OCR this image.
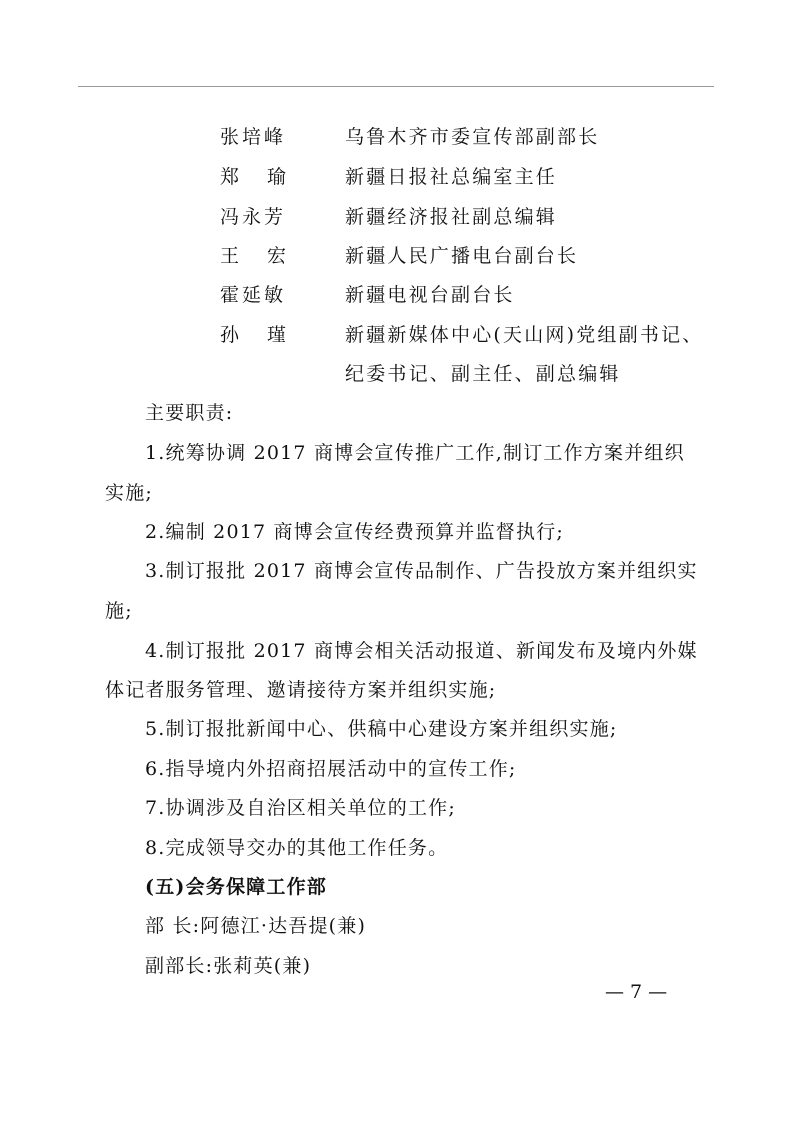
张培峰	乌鲁木齐市委宣传部副部长
郑瑜 新疆日报社总编室主任
冯永芳	新疆经济报社副总编辑
王宏 新疆人民广播电台副台长
霍延敏	新疆电视台副台长
孙瑾 新疆新媒体中心(天山网)党组副书记、
纪委书记、副主任、副总编辑
主要职责:
1.统筹协调 2017 商博会宣传推广工作,制订工作方案并组织
实施;
2.编制 2017 商博会宣传经费预算并监督执行;
3.制订报批 2017 商博会宣传品制作、广告投放方案并组织实
施;
4.制订报批 2017 商博会相关活动报道、新闻发布及境内外媒
体记者服务管理、邀请接待方案并组织实施;
5.制订报批新闻中心、供稿中心建设方案并组织实施;
6.指导境内外招商招展活动中的宣传工作;
7.协调涉及自治区相关单位的工作;
8.完成领导交办的其他工作任务。
(五)会务保障工作部
部 长:阿德江·达吾提(兼)
副部长:张莉英(兼)
— 7 —
